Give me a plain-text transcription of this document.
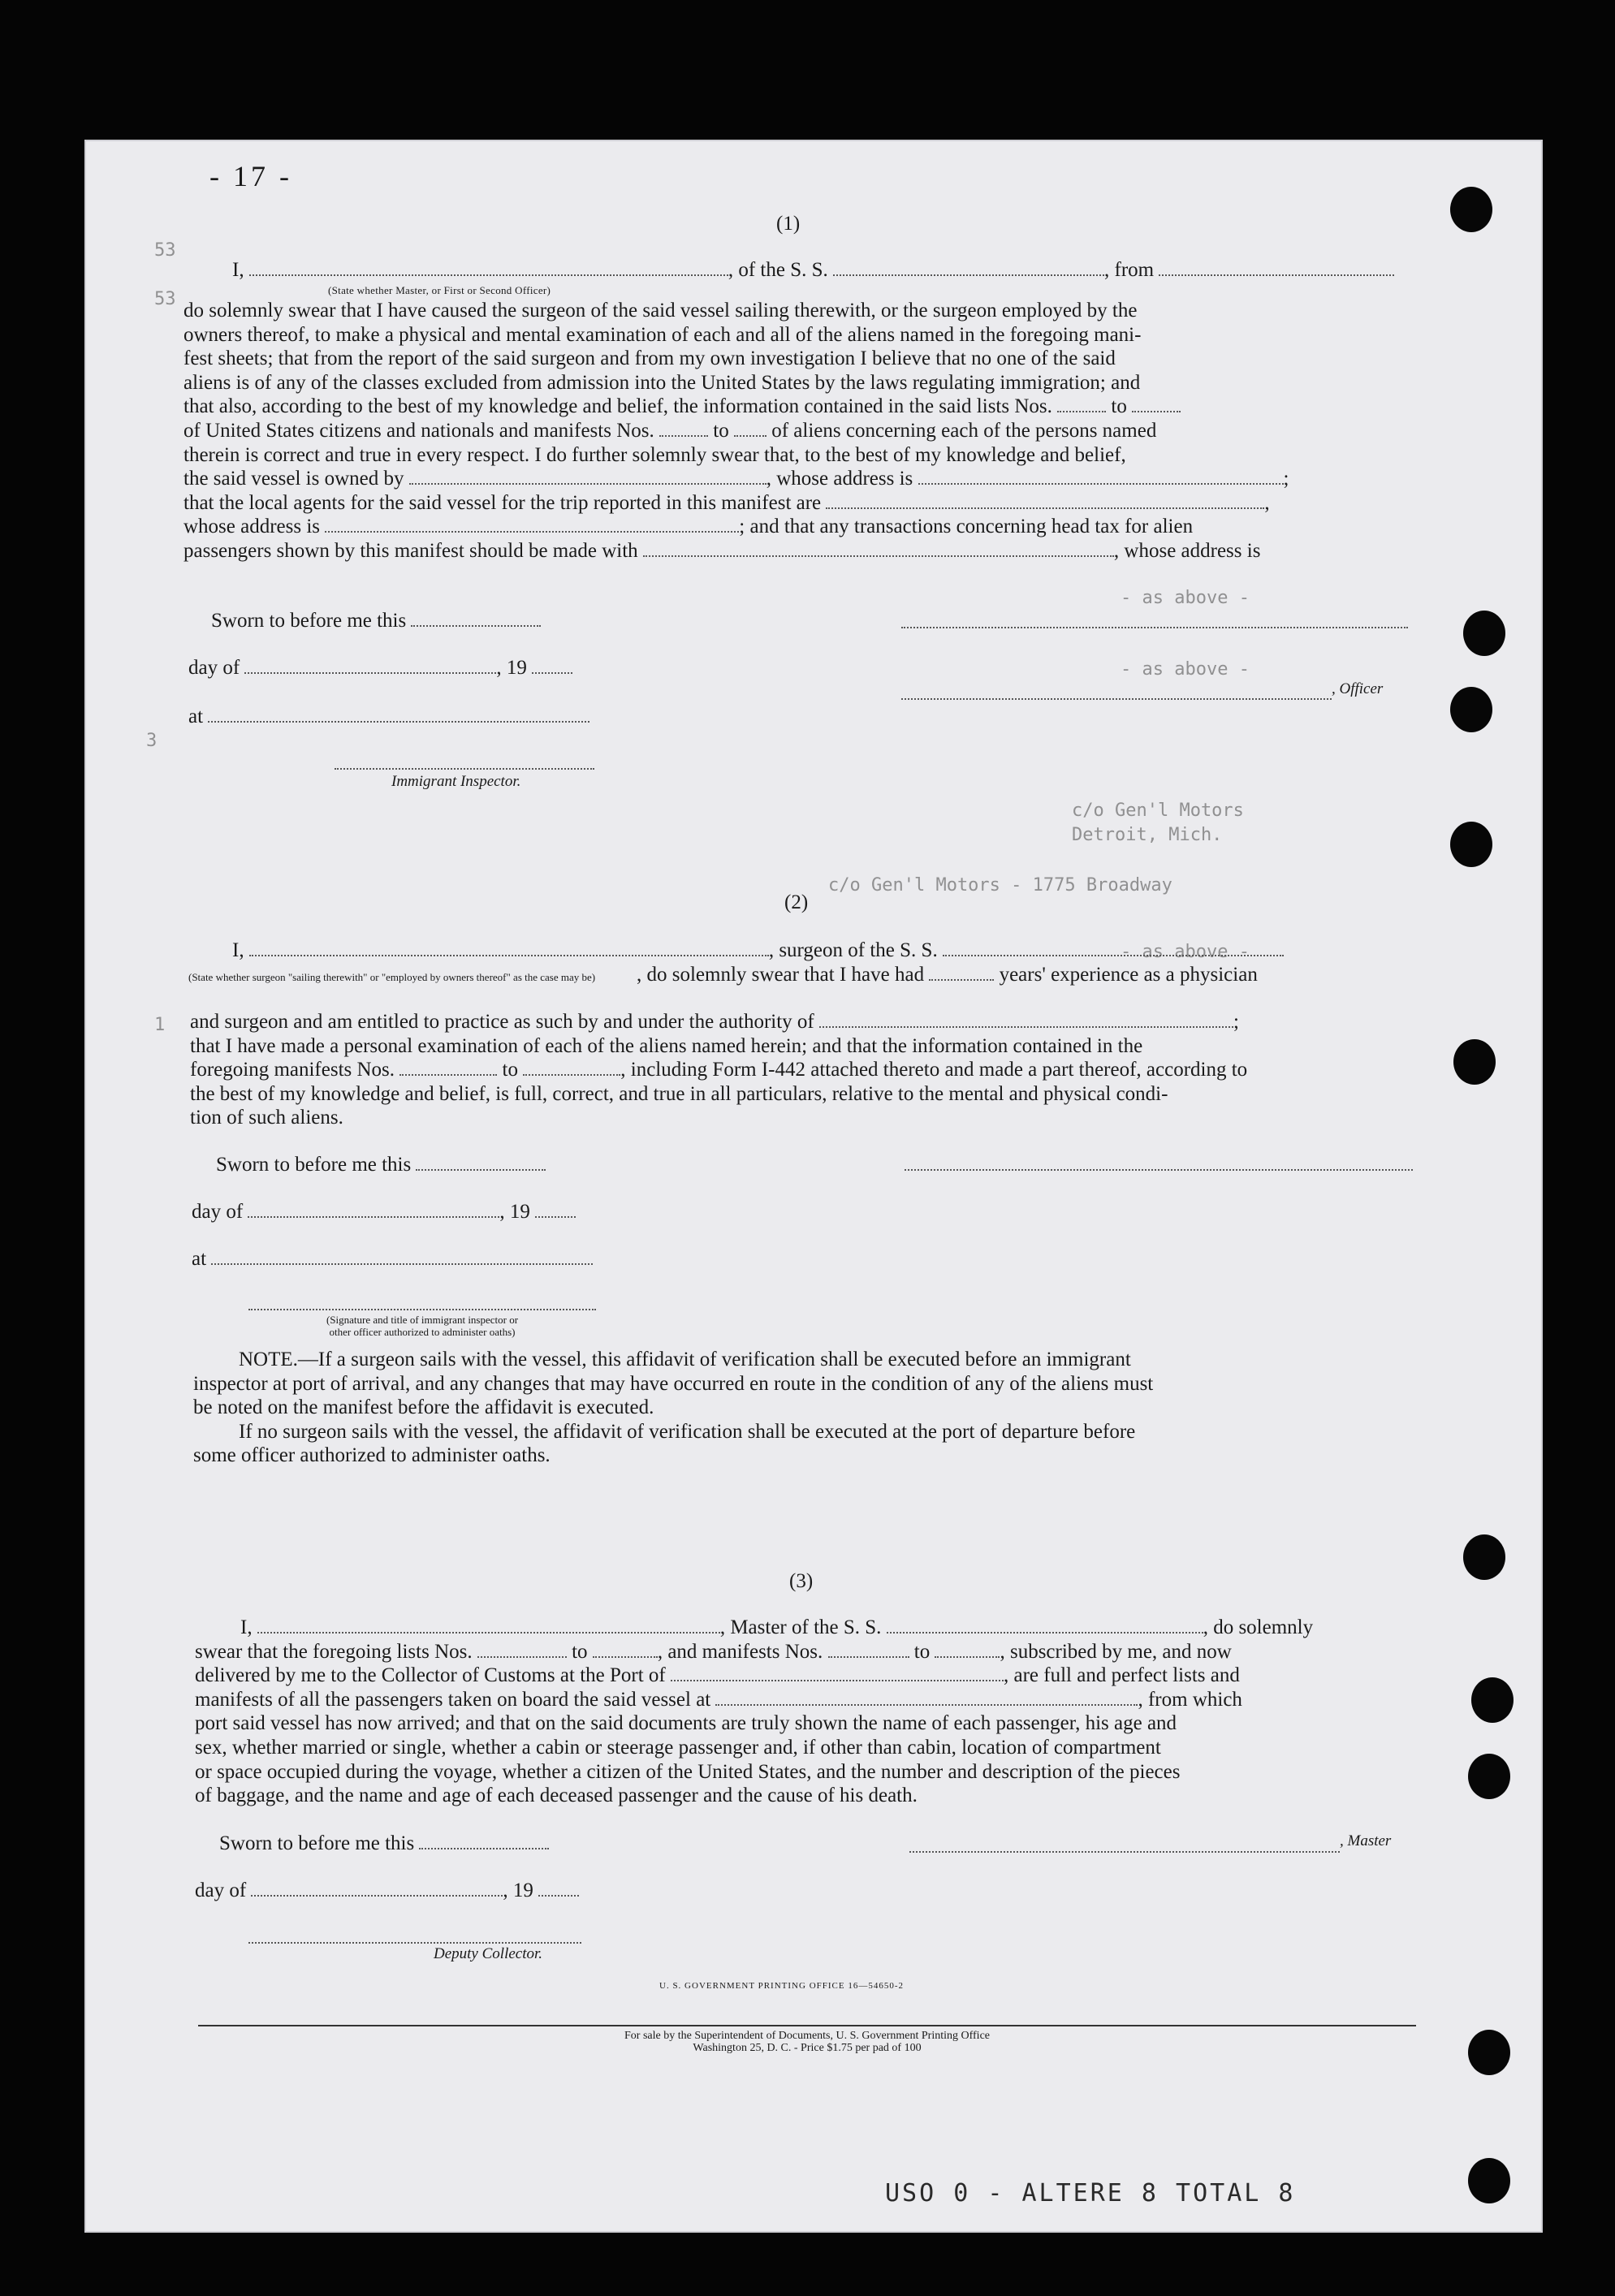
53
53
3
1
- as above -
- as above -
c/o Gen'l Motors
Detroit, Mich.
c/o Gen'l Motors - 1775 Broadway
- as above -
- 17 -
(1)
I,	, of the S. S.	, from
(State whether Master, or First or Second Officer)
do solemnly swear that I have caused the surgeon of the said vessel sailing therewith, or the surgeon employed by the
owners thereof, to make a physical and mental examination of each and all of the aliens named in the foregoing mani-
fest sheets; that from the report of the said surgeon and from my own investigation I believe that no one of the said
aliens is of any of the classes excluded from admission into the United States by the laws regulating immigration; and
that also, according to the best of my knowledge and belief, the information contained in the said lists Nos.	to
of United States citizens and nationals and manifests Nos.	to of aliens concerning each of the persons named
therein is correct and true in every respect. I do further solemnly swear that, to the best of my knowledge and belief,
the said vessel is owned by	, whose address is	;
that the local agents for the said vessel for the trip reported in this manifest are	,
whose address is	; and that any transactions concerning head tax for alien
passengers shown by this manifest should be made with	, whose address is
Sworn to before me this
day of	, 19
, Officer
at
Immigrant Inspector.
(2)
I,	, surgeon of the S. S.
(State whether surgeon "sailing therewith" or "employed by owners thereof" as the case may be) , do solemnly swear that I have had	years' experience as a physician
and surgeon and am entitled to practice as such by and under the authority of	;
that I have made a personal examination of each of the aliens named herein; and that the information contained in the
foregoing manifests Nos.	to	, including Form I-442 attached thereto and made a part thereof, according to
the best of my knowledge and belief, is full, correct, and true in all particulars, relative to the mental and physical condi-
tion of such aliens.
Sworn to before me this
day of	, 19
at
(Signature and title of immigrant inspector or
other officer authorized to administer oaths)
NOTE.—If a surgeon sails with the vessel, this affidavit of verification shall be executed before an immigrant
inspector at port of arrival, and any changes that may have occurred en route in the condition of any of the aliens must
be noted on the manifest before the affidavit is executed.
If no surgeon sails with the vessel, the affidavit of verification shall be executed at the port of departure before
some officer authorized to administer oaths.
(3)
I,	, Master of the S. S.	, do solemnly
swear that the foregoing lists Nos.	to	, and manifests Nos.	to	, subscribed by me, and now
delivered by me to the Collector of Customs at the Port of	, are full and perfect lists and
manifests of all the passengers taken on board the said vessel at	, from which
port said vessel has now arrived; and that on the said documents are truly shown the name of each passenger, his age and
sex, whether married or single, whether a cabin or steerage passenger and, if other than cabin, location of compartment
or space occupied during the voyage, whether a citizen of the United States, and the number and description of the pieces
of baggage, and the name and age of each deceased passenger and the cause of his death.
Sworn to before me this	, Master
day of	, 19
Deputy Collector.
U. S. GOVERNMENT PRINTING OFFICE 16—54650-2
For sale by the Superintendent of Documents, U. S. Government Printing Office
Washington 25, D. C. - Price $1.75 per pad of 100
USO 0 - ALTERE 8 TOTAL 8
